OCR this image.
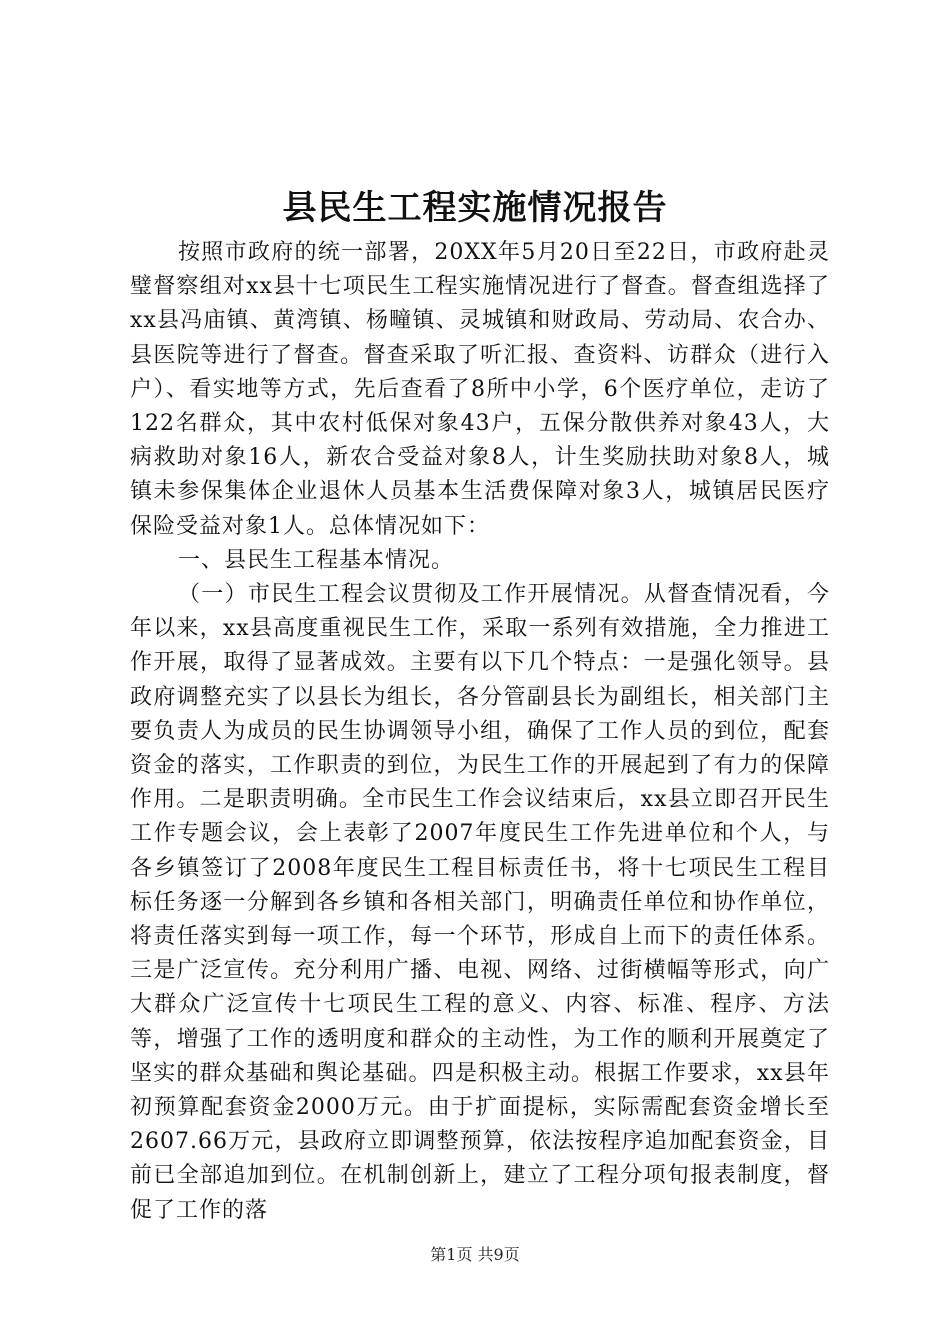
县民生工程实施情况报告

按照市政府的统一部署，20XX年5月20日至22日，市政府赴灵璧督察组对xx县十七项民生工程实施情况进行了督查。督查组选择了xx县冯庙镇、黄湾镇、杨疃镇、灵城镇和财政局、劳动局、农合办、县医院等进行了督查。督查采取了听汇报、查资料、访群众（进行入户）、看实地等方式，先后查看了8所中小学，6个医疗单位，走访了122名群众，其中农村低保对象43户，五保分散供养对象43人，大病救助对象16人，新农合受益对象8人，计生奖励扶助对象8人，城镇未参保集体企业退休人员基本生活费保障对象3人，城镇居民医疗保险受益对象1人。总体情况如下：

一、县民生工程基本情况。

（一）市民生工程会议贯彻及工作开展情况。从督查情况看，今年以来，xx县高度重视民生工作，采取一系列有效措施，全力推进工作开展，取得了显著成效。主要有以下几个特点：一是强化领导。县政府调整充实了以县长为组长，各分管副县长为副组长，相关部门主要负责人为成员的民生协调领导小组，确保了工作人员的到位，配套资金的落实，工作职责的到位，为民生工作的开展起到了有力的保障作用。二是职责明确。全市民生工作会议结束后，xx县立即召开民生工作专题会议，会上表彰了2007年度民生工作先进单位和个人，与各乡镇签订了2008年度民生工程目标责任书，将十七项民生工程目标任务逐一分解到各乡镇和各相关部门，明确责任单位和协作单位，将责任落实到每一项工作，每一个环节，形成自上而下的责任体系。三是广泛宣传。充分利用广播、电视、网络、过街横幅等形式，向广大群众广泛宣传十七项民生工程的意义、内容、标准、程序、方法等，增强了工作的透明度和群众的主动性，为工作的顺利开展奠定了坚实的群众基础和舆论基础。四是积极主动。根据工作要求，xx县年初预算配套资金2000万元。由于扩面提标，实际需配套资金增长至2607.66万元，县政府立即调整预算，依法按程序追加配套资金，目前已全部追加到位。在机制创新上，建立了工程分项旬报表制度，督促了工作的落

第1页 共9页
